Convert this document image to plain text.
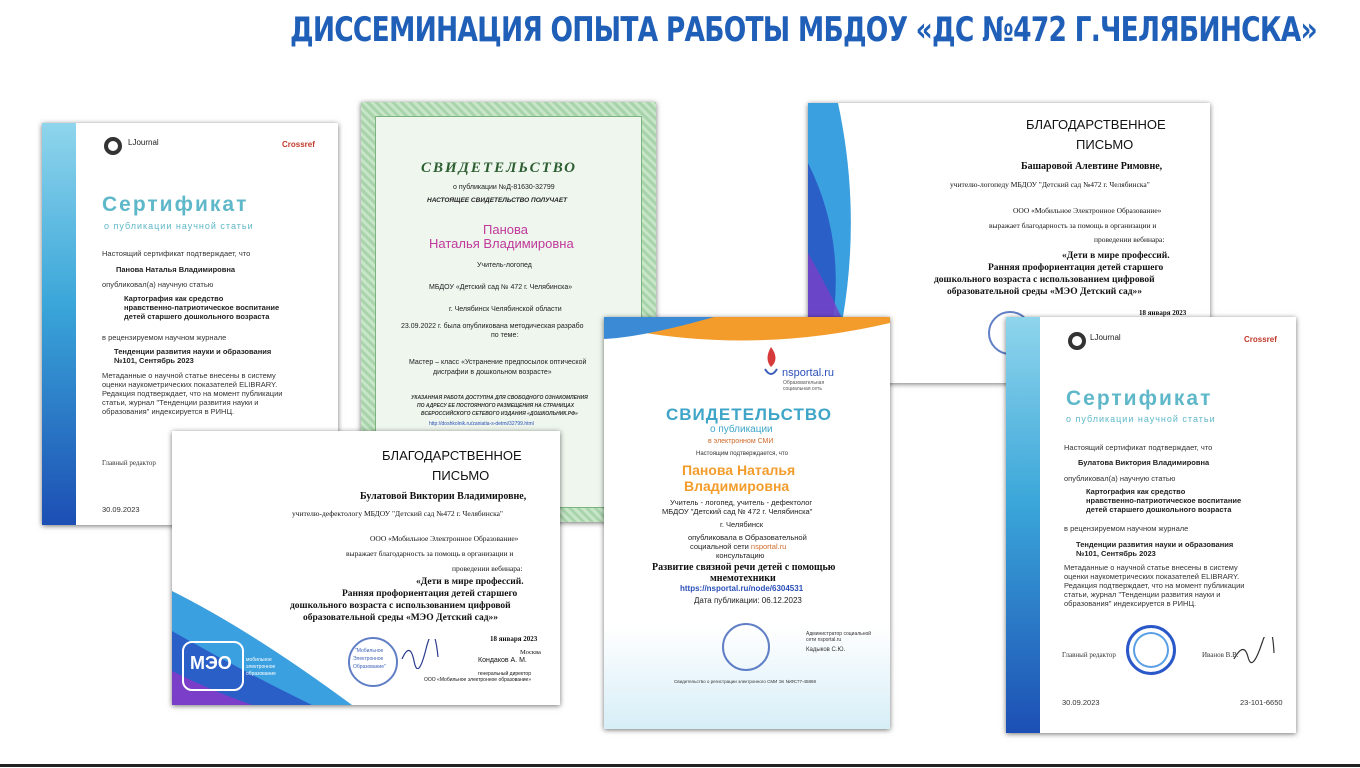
ДИССЕМИНАЦИЯ ОПЫТА РАБОТЫ МБДОУ «ДС №472 Г.ЧЕЛЯБИНСКА»

LJournal	Crossref

Сертификат

о публикации научной статьи

Настоящий сертификат подтверждает, что

Панова Наталья Владимировна

опубликовал(а) научную статью

Картография как средство

нравственно-патриотическое воспитание

детей старшего дошкольного возраста

в рецензируемом научном журнале

Тенденции развития науки и образования

№101, Сентябрь 2023

Метаданные о научной статье внесены в систему

оценки наукометрических показателей ELIBRARY.

Редакция подтверждает, что на момент публикации

статьи, журнал "Тенденции развития науки и

образования" индексируется в РИНЦ.

Главный редактор

30.09.2023

СВИДЕТЕЛЬСТВО

о публикации №Д-81630-32799

НАСТОЯЩЕЕ СВИДЕТЕЛЬСТВО ПОЛУЧАЕТ

Панова

Наталья Владимировна

Учитель-логопед

МБДОУ «Детский сад № 472 г. Челябинска»

г. Челябинск Челябинской области

23.09.2022 г. была опубликована методическая разрабо

по теме:

Мастер – класс «Устранение предпосылок оптической

дисграфии в дошкольном возрасте»

УКАЗАННАЯ РАБОТА ДОСТУПНА ДЛЯ СВОБОДНОГО ОЗНАКОМЛЕНИЯ

ПО АДРЕСУ ЕЕ ПОСТОЯННОГО РАЗМЕЩЕНИЯ НА СТРАНИЦАХ

ВСЕРОССИЙСКОГО СЕТЕВОГО ИЗДАНИЯ «ДОШКОЛЬНИК.РФ»

http://doshkolnik.ru/zaniatia-s-detmi/32799.html

БЛАГОДАРСТВЕННОЕ

ПИСЬМО

Башаровой Алевтине Римовне,

учителю-логопеду МБДОУ "Детский сад №472 г. Челябинска"

ООО «Мобильное Электронное Образование»

выражает благодарность за помощь в организации и

проведении вебинара:

«Дети в мире профессий.

Ранняя профориентация детей старшего

дошкольного возраста с использованием цифровой

образовательной среды «МЭО Детский сад»»

18 января 2023

МЭО	мобильное

электронное

образование

БЛАГОДАРСТВЕННОЕ

ПИСЬМО

Булатовой Виктории Владимировне,

учителю-дефектологу МБДОУ "Детский сад №472 г. Челябинска"

ООО «Мобильное Электронное Образование»

выражает благодарность за помощь в организации и

проведении вебинара:

«Дети в мире профессий.

Ранняя профориентация детей старшего

дошкольного возраста с использованием цифровой

образовательной среды «МЭО Детский сад»»

18 января 2023

"Мобильное

Электронное

Образование"

Москва

Кондаков А. М.

генеральный директор

ООО «Мобильное электронное образование»

nsportal.ru

Образовательная

социальная сеть

СВИДЕТЕЛЬСТВО

о публикации

в электронном СМИ

Настоящим подтверждается, что

Панова Наталья

Владимировна

Учитель - логопед, учитель - дефектолог

МБДОУ "Детский сад № 472 г. Челябинска"

г. Челябинск

опубликовала в Образовательной

социальной сети nsportal.ru

консультацию

Развитие связной речи детей с помощью

мнемотехники

https://nsportal.ru/node/6304531

Дата публикации: 06.12.2023

Администратор социальной

сети nsportal.ru

Кадыков С.Ю.

Свидетельство о регистрации электронного СМИ Эл №ФС77-45869

LJournal	Crossref

Сертификат

о публикации научной статьи

Настоящий сертификат подтверждает, что

Булатова Виктория Владимировна

опубликовал(а) научную статью

Картография как средство

нравственно-патриотическое воспитание

детей старшего дошкольного возраста

в рецензируемом научном журнале

Тенденции развития науки и образования

№101, Сентябрь 2023

Метаданные о научной статье внесены в систему

оценки наукометрических показателей ELIBRARY.

Редакция подтверждает, что на момент публикации

статьи, журнал "Тенденции развития науки и

образования" индексируется в РИНЦ.

Главный редактор	Иванов В.В.

30.09.2023	23-101-6650
